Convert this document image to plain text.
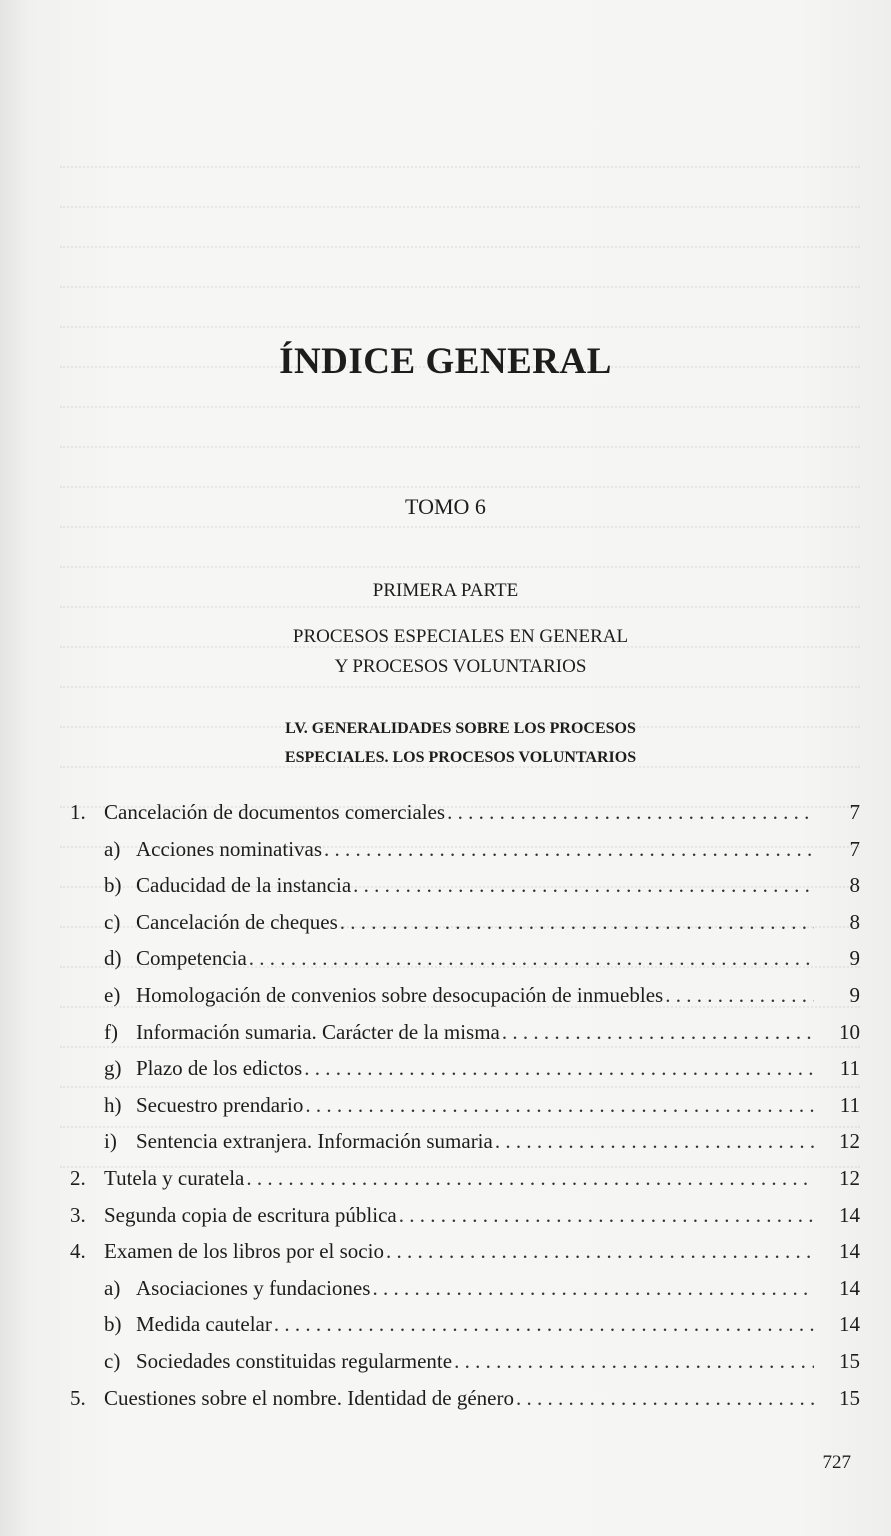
ÍNDICE GENERAL
TOMO 6
PRIMERA PARTE
PROCESOS ESPECIALES EN GENERAL
Y PROCESOS VOLUNTARIOS
LV. GENERALIDADES SOBRE LOS PROCESOS
ESPECIALES. LOS PROCESOS VOLUNTARIOS
1. Cancelación de documentos comerciales . . .	7
a) Acciones nominativas . . .	7
b) Caducidad de la instancia . . .	8
c) Cancelación de cheques . . .	8
d) Competencia . . .	9
e) Homologación de convenios sobre desocupación de inmuebles . . .	9
f) Información sumaria. Carácter de la misma . . .	10
g) Plazo de los edictos . . .	11
h) Secuestro prendario . . .	11
i) Sentencia extranjera. Información sumaria . . .	12
2. Tutela y curatela . . .	12
3. Segunda copia de escritura pública . . .	14
4. Examen de los libros por el socio . . .	14
a) Asociaciones y fundaciones . . .	14
b) Medida cautelar . . .	14
c) Sociedades constituidas regularmente . . .	15
5. Cuestiones sobre el nombre. Identidad de género . . .	15
727
